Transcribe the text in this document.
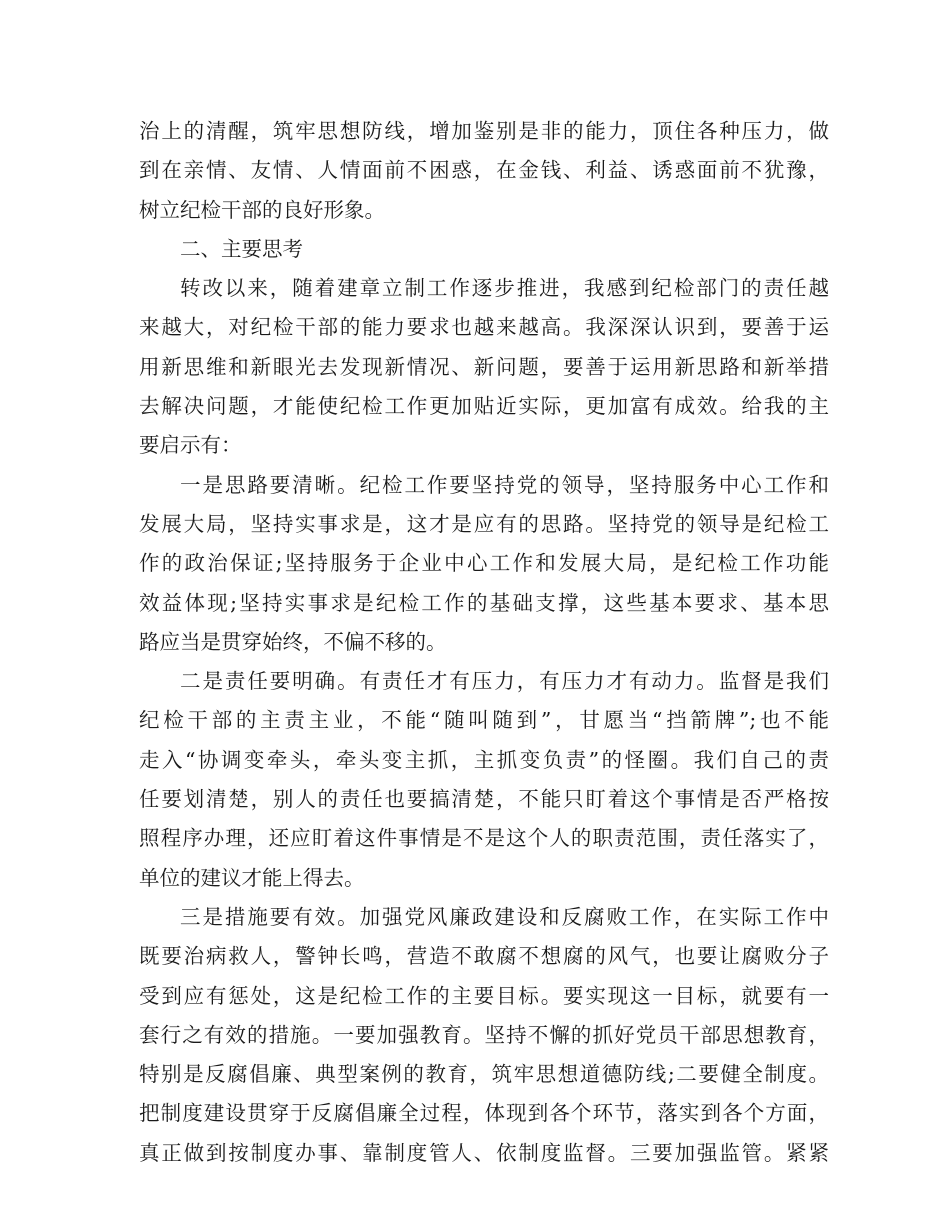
治上的清醒，筑牢思想防线，增加鉴别是非的能力，顶住各种压力，做
到在亲情、友情、人情面前不困惑，在金钱、利益、诱惑面前不犹豫，
树立纪检干部的良好形象。
二、主要思考
转改以来，随着建章立制工作逐步推进，我感到纪检部门的责任越
来越大，对纪检干部的能力要求也越来越高。我深深认识到，要善于运
用新思维和新眼光去发现新情况、新问题，要善于运用新思路和新举措
去解决问题，才能使纪检工作更加贴近实际，更加富有成效。给我的主
要启示有：
一是思路要清晰。纪检工作要坚持党的领导，坚持服务中心工作和
发展大局，坚持实事求是，这才是应有的思路。坚持党的领导是纪检工
作的政治保证;坚持服务于企业中心工作和发展大局，是纪检工作功能
效益体现;坚持实事求是纪检工作的基础支撑，这些基本要求、基本思
路应当是贯穿始终，不偏不移的。
二是责任要明确。有责任才有压力，有压力才有动力。监督是我们
纪检干部的主责主业，不能“随叫随到”，甘愿当“挡箭牌”;也不能
走入“协调变牵头，牵头变主抓，主抓变负责”的怪圈。我们自己的责
任要划清楚，别人的责任也要搞清楚，不能只盯着这个事情是否严格按
照程序办理，还应盯着这件事情是不是这个人的职责范围，责任落实了，
单位的建议才能上得去。
三是措施要有效。加强党风廉政建设和反腐败工作，在实际工作中
既要治病救人，警钟长鸣，营造不敢腐不想腐的风气，也要让腐败分子
受到应有惩处，这是纪检工作的主要目标。要实现这一目标，就要有一
套行之有效的措施。一要加强教育。坚持不懈的抓好党员干部思想教育，
特别是反腐倡廉、典型案例的教育，筑牢思想道德防线;二要健全制度。
把制度建设贯穿于反腐倡廉全过程，体现到各个环节，落实到各个方面，
真正做到按制度办事、靠制度管人、依制度监督。三要加强监管。紧紧
